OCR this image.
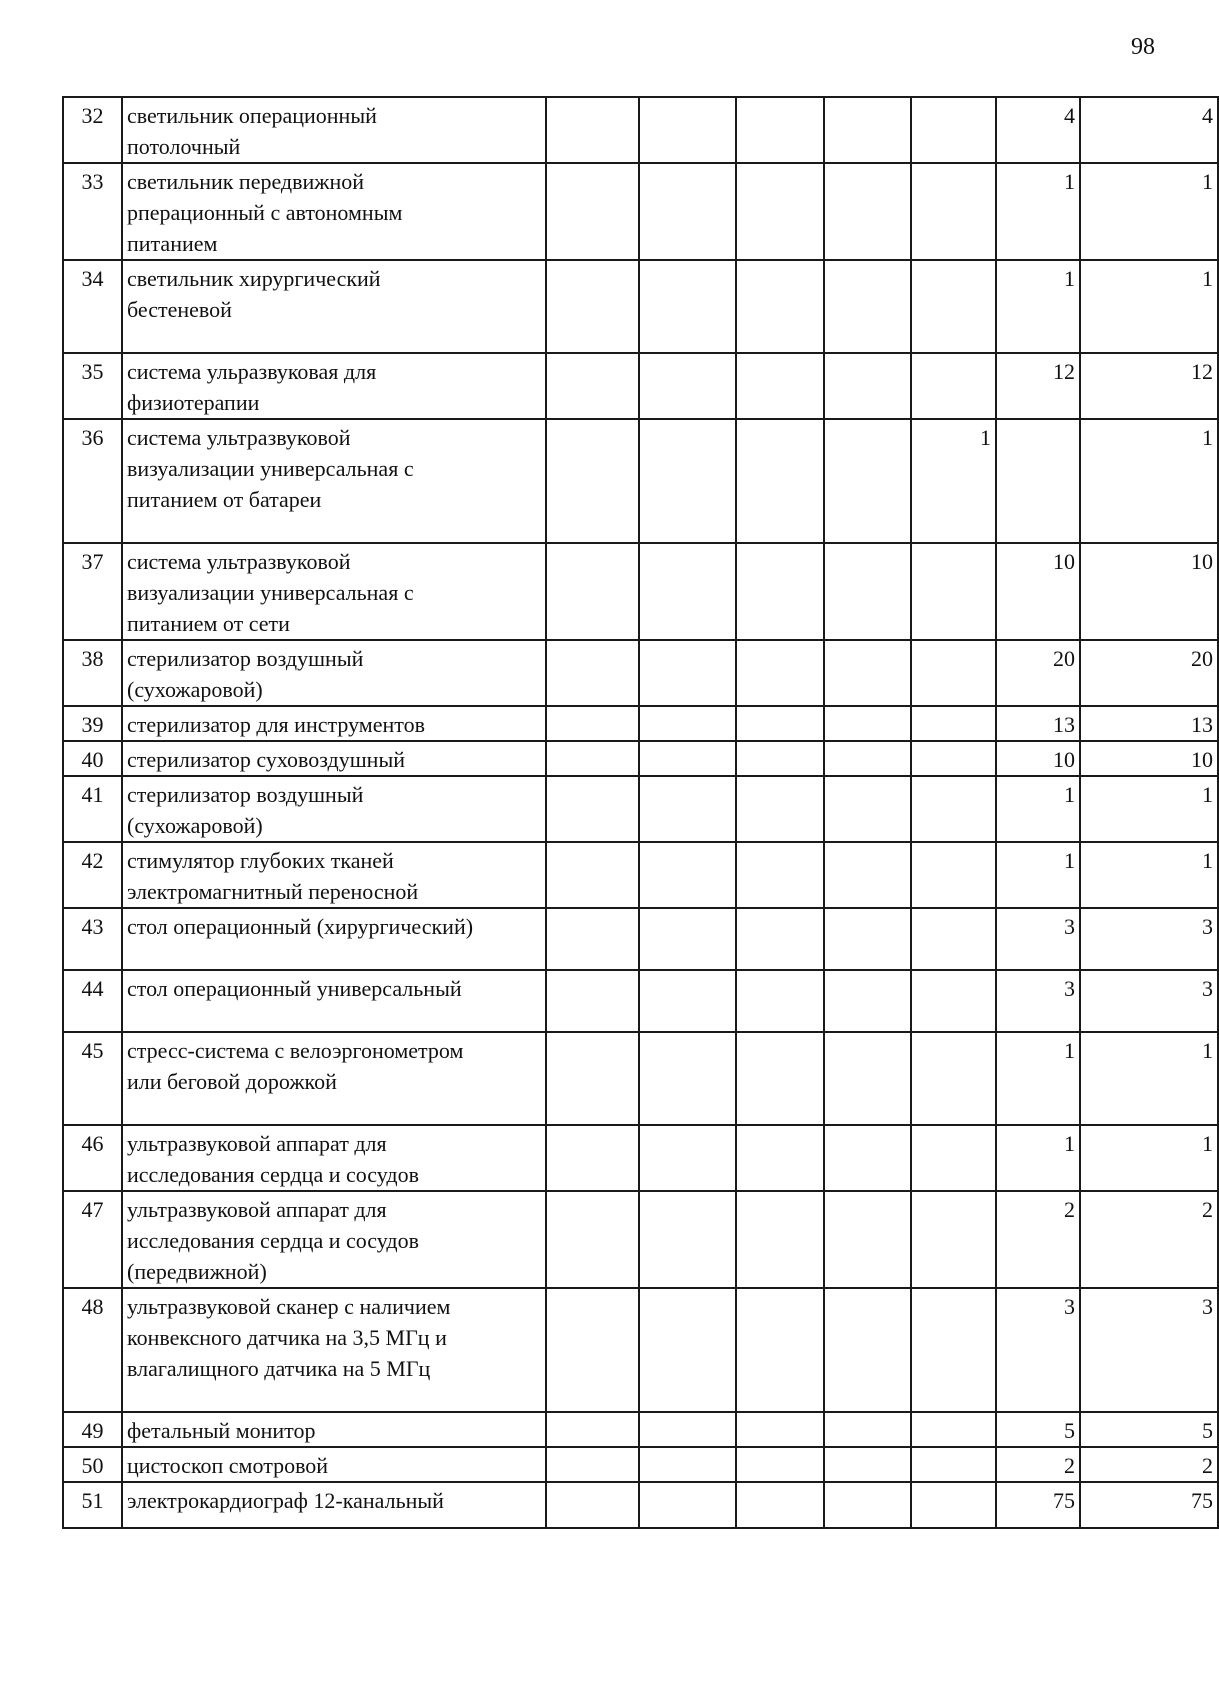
98
32	светильник операционный
потолочный						4	4
33	светильник передвижной
рперационный с автономным
питанием						1	1
34	светильник хирургический
бестеневой						1	1
35	система ульразвуковая для
физиотерапии						12	12
36	система ультразвуковой
визуализации универсальная с
питанием от батареи					1		1
37	система ультразвуковой
визуализации универсальная с
питанием от сети						10	10
38	стерилизатор воздушный
(сухожаровой)						20	20
39	стерилизатор для инструментов						13	13
40	стерилизатор суховоздушный						10	10
41	стерилизатор воздушный
(сухожаровой)						1	1
42	стимулятор глубоких тканей
электромагнитный переносной						1	1
43	стол операционный (хирургический)						3	3
44	стол операционный универсальный						3	3
45	стресс-система с велоэргонометром
или беговой дорожкой						1	1
46	ультразвуковой аппарат для
исследования сердца и сосудов						1	1
47	ультразвуковой аппарат для
исследования сердца и сосудов
(передвижной)						2	2
48	ультразвуковой сканер с наличием
конвексного датчика на 3,5 МГц и
влагалищного датчика на 5 МГц						3	3
49	фетальный монитор						5	5
50	цистоскоп смотровой						2	2
51	электрокардиограф 12-канальный						75	75
